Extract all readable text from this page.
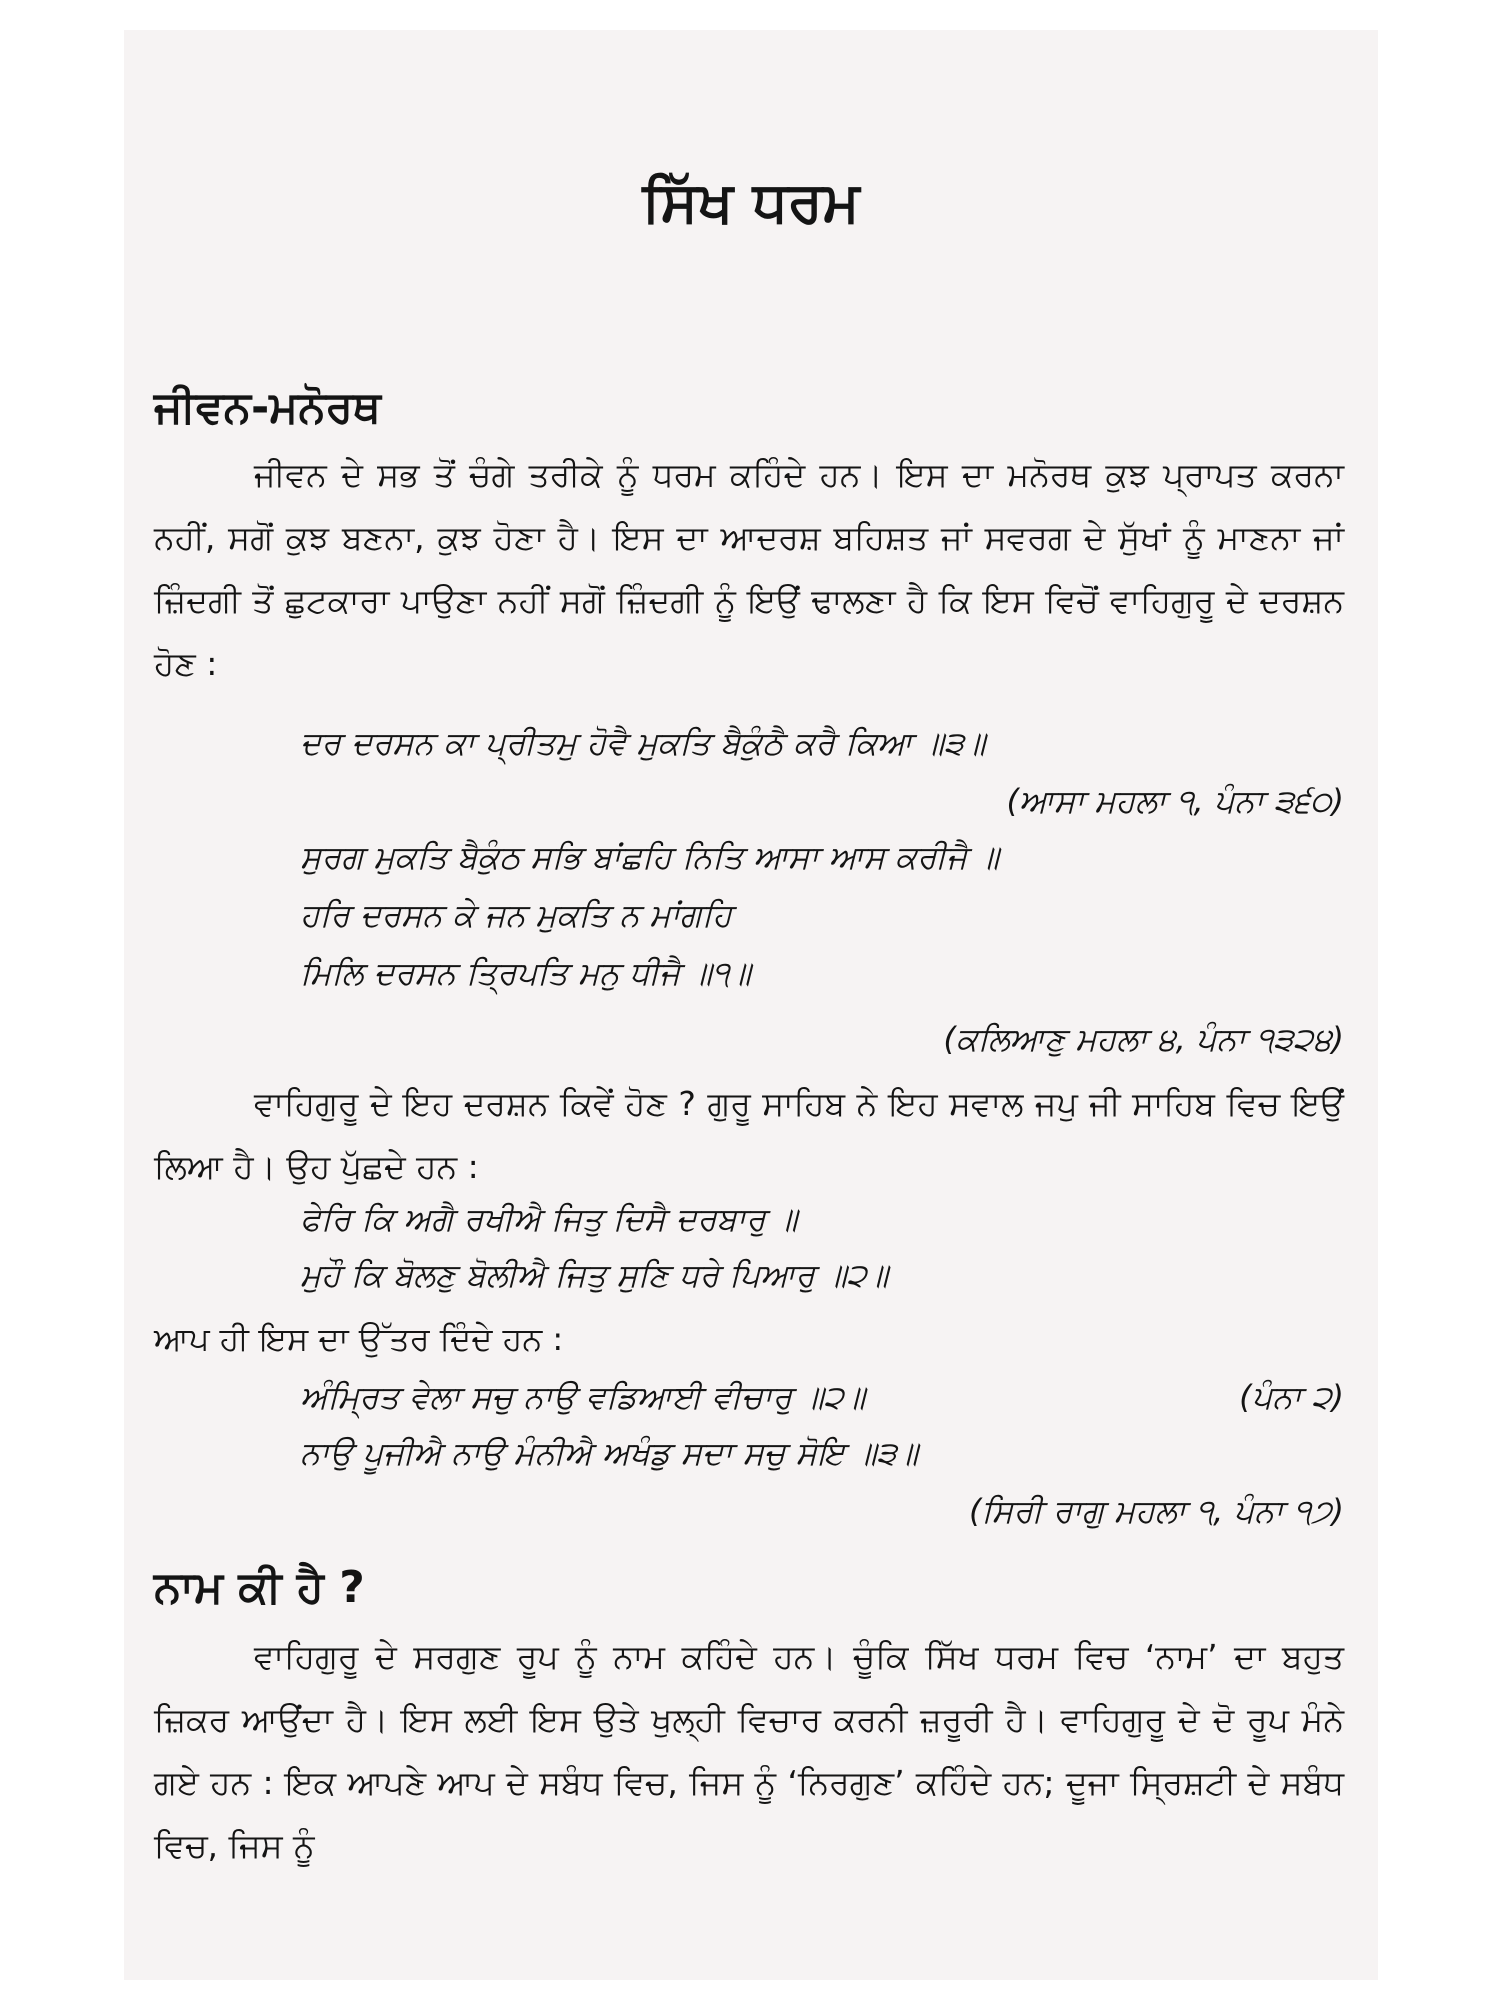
ਸਿੱਖ ਧਰਮ
ਜੀਵਨ-ਮਨੋਰਥ

ਜੀਵਨ ਦੇ ਸਭ ਤੋਂ ਚੰਗੇ ਤਰੀਕੇ ਨੂੰ ਧਰਮ ਕਹਿੰਦੇ ਹਨ। ਇਸ ਦਾ ਮਨੋਰਥ ਕੁਝ ਪ੍ਰਾਪਤ ਕਰਨਾ ਨਹੀਂ, ਸਗੋਂ ਕੁਝ ਬਣਨਾ, ਕੁਝ ਹੋਣਾ ਹੈ। ਇਸ ਦਾ ਆਦਰਸ਼ ਬਹਿਸ਼ਤ ਜਾਂ ਸਵਰਗ ਦੇ ਸੁੱਖਾਂ ਨੂੰ ਮਾਣਨਾ ਜਾਂ ਜ਼ਿੰਦਗੀ ਤੋਂ ਛੁਟਕਾਰਾ ਪਾਉਣਾ ਨਹੀਂ ਸਗੋਂ ਜ਼ਿੰਦਗੀ ਨੂੰ ਇਉਂ ਢਾਲਣਾ ਹੈ ਕਿ ਇਸ ਵਿਚੋਂ ਵਾਹਿਗੁਰੂ ਦੇ ਦਰਸ਼ਨ ਹੋਣ :

ਦਰ ਦਰਸਨ ਕਾ ਪ੍ਰੀਤਮੁ ਹੋਵੈ ਮੁਕਤਿ ਬੈਕੁੰਠੈ ਕਰੈ ਕਿਆ ॥੩॥

(ਆਸਾ ਮਹਲਾ ੧, ਪੰਨਾ ੩੬੦)

ਸੁਰਗ ਮੁਕਤਿ ਬੈਕੁੰਠ ਸਭਿ ਬਾਂਛਹਿ ਨਿਤਿ ਆਸਾ ਆਸ ਕਰੀਜੈ ॥

ਹਰਿ ਦਰਸਨ ਕੇ ਜਨ ਮੁਕਤਿ ਨ ਮਾਂਗਹਿ

ਮਿਲਿ ਦਰਸਨ ਤ੍ਰਿਪਤਿ ਮਨੁ ਧੀਜੈ ॥੧॥

(ਕਲਿਆਣੁ ਮਹਲਾ ੪, ਪੰਨਾ ੧੩੨੪)

ਵਾਹਿਗੁਰੂ ਦੇ ਇਹ ਦਰਸ਼ਨ ਕਿਵੇਂ ਹੋਣ ? ਗੁਰੂ ਸਾਹਿਬ ਨੇ ਇਹ ਸਵਾਲ ਜਪੁ ਜੀ ਸਾਹਿਬ ਵਿਚ ਇਉਂ ਲਿਆ ਹੈ। ਉਹ ਪੁੱਛਦੇ ਹਨ :

ਫੇਰਿ ਕਿ ਅਗੈ ਰਖੀਐ ਜਿਤੁ ਦਿਸੈ ਦਰਬਾਰੁ ॥

ਮੁਹੌ ਕਿ ਬੋਲਣੁ ਬੋਲੀਐ ਜਿਤੁ ਸੁਣਿ ਧਰੇ ਪਿਆਰੁ ॥੨॥

ਆਪ ਹੀ ਇਸ ਦਾ ਉੱਤਰ ਦਿੰਦੇ ਹਨ :

ਅੰਮ੍ਰਿਤ ਵੇਲਾ ਸਚੁ ਨਾਉ ਵਡਿਆਈ ਵੀਚਾਰੁ ॥੨॥	(ਪੰਨਾ ੨)

ਨਾਉ ਪੂਜੀਐ ਨਾਉ ਮੰਨੀਐ ਅਖੰਡੁ ਸਦਾ ਸਚੁ ਸੋਇ ॥੩॥

(ਸਿਰੀ ਰਾਗੁ ਮਹਲਾ ੧, ਪੰਨਾ ੧੭)

ਨਾਮ ਕੀ ਹੈ ?

ਵਾਹਿਗੁਰੂ ਦੇ ਸਰਗੁਣ ਰੂਪ ਨੂੰ ਨਾਮ ਕਹਿੰਦੇ ਹਨ। ਚੂੰਕਿ ਸਿੱਖ ਧਰਮ ਵਿਚ ‘ਨਾਮ’ ਦਾ ਬਹੁਤ ਜ਼ਿਕਰ ਆਉਂਦਾ ਹੈ। ਇਸ ਲਈ ਇਸ ਉਤੇ ਖੁਲ੍ਹੀ ਵਿਚਾਰ ਕਰਨੀ ਜ਼ਰੂਰੀ ਹੈ। ਵਾਹਿਗੁਰੂ ਦੇ ਦੋ ਰੂਪ ਮੰਨੇ ਗਏ ਹਨ : ਇਕ ਆਪਣੇ ਆਪ ਦੇ ਸਬੰਧ ਵਿਚ, ਜਿਸ ਨੂੰ ‘ਨਿਰਗੁਣ’ ਕਹਿੰਦੇ ਹਨ; ਦੂਜਾ ਸ੍ਰਿਸ਼ਟੀ ਦੇ ਸਬੰਧ ਵਿਚ, ਜਿਸ ਨੂੰ
